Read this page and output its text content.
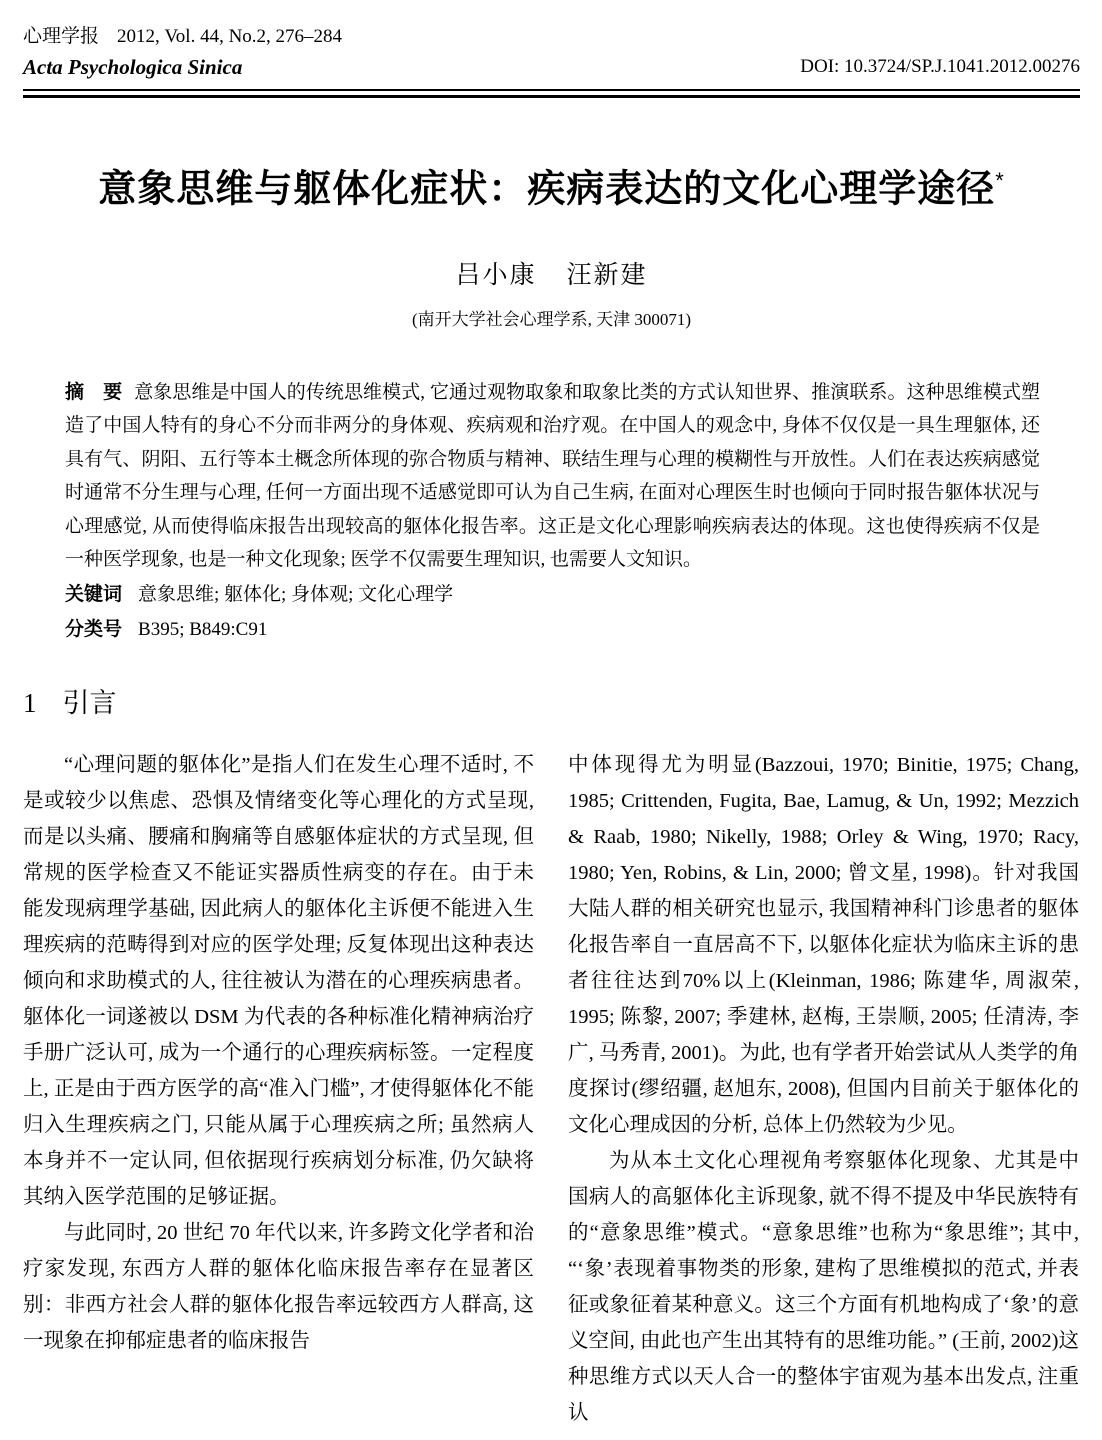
心理学报 2012, Vol. 44, No.2, 276–284
Acta Psychologica Sinica	DOI: 10.3724/SP.J.1041.2012.00276
意象思维与躯体化症状：疾病表达的文化心理学途径*
吕小康 汪新建
(南开大学社会心理学系, 天津 300071)
摘　要 意象思维是中国人的传统思维模式, 它通过观物取象和取象比类的方式认知世界、推演联系。这种思维模式塑造了中国人特有的身心不分而非两分的身体观、疾病观和治疗观。在中国人的观念中, 身体不仅仅是一具生理躯体, 还具有气、阴阳、五行等本土概念所体现的弥合物质与精神、联结生理与心理的模糊性与开放性。人们在表达疾病感觉时通常不分生理与心理, 任何一方面出现不适感觉即可认为自己生病, 在面对心理医生时也倾向于同时报告躯体状况与心理感觉, 从而使得临床报告出现较高的躯体化报告率。这正是文化心理影响疾病表达的体现。这也使得疾病不仅是一种医学现象, 也是一种文化现象; 医学不仅需要生理知识, 也需要人文知识。
关键词 意象思维; 躯体化; 身体观; 文化心理学
分类号 B395; B849:C91
1 引言

“心理问题的躯体化”是指人们在发生心理不适时, 不是或较少以焦虑、恐惧及情绪变化等心理化的方式呈现, 而是以头痛、腰痛和胸痛等自感躯体症状的方式呈现, 但常规的医学检查又不能证实器质性病变的存在。由于未能发现病理学基础, 因此病人的躯体化主诉便不能进入生理疾病的范畴得到对应的医学处理; 反复体现出这种表达倾向和求助模式的人, 往往被认为潜在的心理疾病患者。躯体化一词遂被以 DSM 为代表的各种标准化精神病治疗手册广泛认可, 成为一个通行的心理疾病标签。一定程度上, 正是由于西方医学的高“准入门槛”, 才使得躯体化不能归入生理疾病之门, 只能从属于心理疾病之所; 虽然病人本身并不一定认同, 但依据现行疾病划分标准, 仍欠缺将其纳入医学范围的足够证据。

与此同时, 20 世纪 70 年代以来, 许多跨文化学者和治疗家发现, 东西方人群的躯体化临床报告率存在显著区别：非西方社会人群的躯体化报告率远较西方人群高, 这一现象在抑郁症患者的临床报告

中体现得尤为明显(Bazzoui, 1970; Binitie, 1975; Chang, 1985; Crittenden, Fugita, Bae, Lamug, & Un, 1992; Mezzich & Raab, 1980; Nikelly, 1988; Orley & Wing, 1970; Racy, 1980; Yen, Robins, & Lin, 2000; 曾文星, 1998)。针对我国大陆人群的相关研究也显示, 我国精神科门诊患者的躯体化报告率自一直居高不下, 以躯体化症状为临床主诉的患者往往达到70%以上(Kleinman, 1986; 陈建华, 周淑荣, 1995; 陈黎, 2007; 季建林, 赵梅, 王崇顺, 2005; 任清涛, 李广, 马秀青, 2001)。为此, 也有学者开始尝试从人类学的角度探讨(缪绍疆, 赵旭东, 2008), 但国内目前关于躯体化的文化心理成因的分析, 总体上仍然较为少见。

为从本土文化心理视角考察躯体化现象、尤其是中国病人的高躯体化主诉现象, 就不得不提及中华民族特有的“意象思维”模式。“意象思维”也称为“象思维”; 其中, “‘象’表现着事物类的形象, 建构了思维模拟的范式, 并表征或象征着某种意义。这三个方面有机地构成了‘象’的意义空间, 由此也产生出其特有的思维功能。” (王前, 2002)这种思维方式以天人合一的整体宇宙观为基本出发点, 注重认
